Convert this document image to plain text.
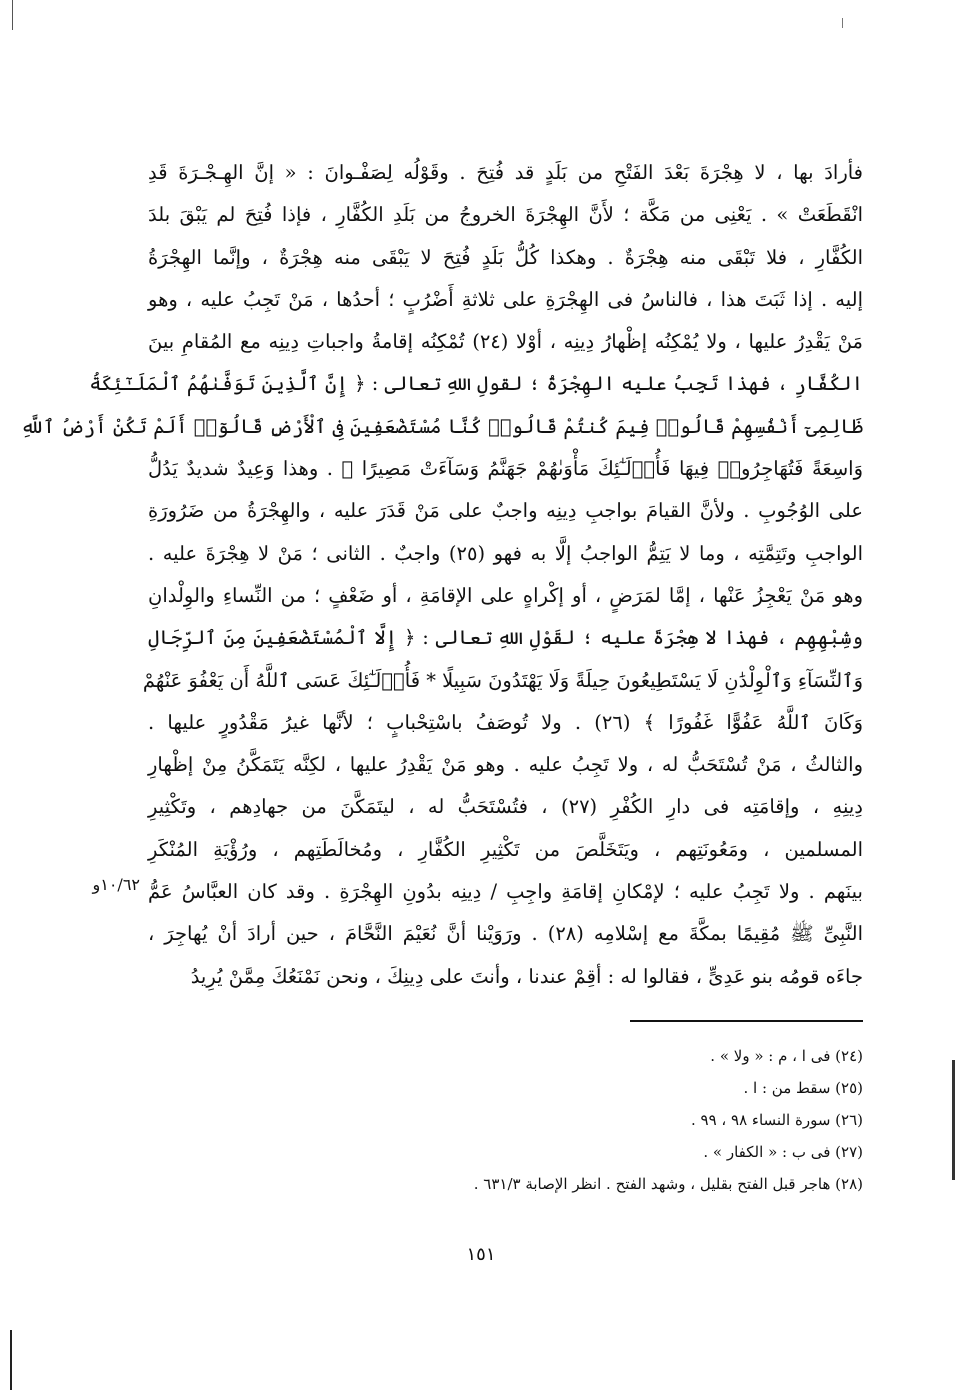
فأرادَ بها ، لا هِجْرَةَ بَعْدَ الفَتْحِ من بَلَدٍ قد فُتِحَ . وقَوْلُه لِصَفْـوانَ : « إنَّ الهِـجْـرَةَ قَدِ
انْقَطَعَتْ » . يَعْنِى من مَكَّة ؛ لأَنَّ الهِجْرَةَ الخروجُ من بَلَدِ الكُفَّارِ ، فإذا فُتِحَ لم يَبْقَ بلدَ
الكُفَّارِ ، فلا تَبْقَى منه هِجْرَةٌ . وهكذا كُلُّ بَلَدٍ فُتِحَ لا يَبْقَى منه هِجْرَةٌ ، وإنَّما الهِجْرَةُ
إليه . إذا ثَبَتَ هذا ، فالناسُ فى الهِجْرَةِ على ثلاثةِ أَضْرُبٍ ؛ أحدُها ، مَنْ تَجِبُ عليه ، وهو
مَنْ يَقْدِرُ عليها ، ولا يُمْكِنُه إظْهارُ دِينِه ، أوْلا (٢٤) تُمْكِنُه إقامةُ واجباتِ دِينِه مع المُقامِ بينَ
الكُفَّارِ ، فهذا تَجِبُ عليه الهِجْرَةُ ؛ لقولِ اللهِ تعالى : ﴿ إِنَّ ٱلَّذِينَ تَوَفَّىٰهُمُ ٱلْمَلَـٰٓئِكَةُ
ظَالِمِىٓ أَنْفُسِهِمْ قَالُوا۟ فِيمَ كُنتُمْ قَالُوا۟ كُنَّا مُسْتَضْعَفِينَ فِى ٱلْأَرْضِ قَالُوٓا۟ أَلَمْ تَكُنْ أَرْضُ ٱللَّهِ
وَاسِعَةً فَتُهَاجِرُوا۟ فِيهَا فَأُو۟لَـٰٓئِكَ مَأْوَىٰهُمْ جَهَنَّمُ وَسَآءَتْ مَصِيرًا ﴾ . وهذا وَعِيدٌ شديدٌ يَدُلُّ
على الوُجُوبِ . ولأنَّ القيامَ بواجبِ دِينِه واجبٌ على مَنْ قَدَرَ عليه ، والهِجْرَةُ من ضَرُورَةِ
الواجبِ وتَتِمَّتِه ، وما لا يَتِمُّ الواجبُ إلَّا به فهو (٢٥) واجبٌ . الثانى ؛ مَنْ لا هِجْرَةَ عليه .
وهو مَنْ يَعْجِزُ عَنْها ، إمَّا لمَرَضٍ ، أو إكْراهٍ على الإقامَةِ ، أو ضَعْفٍ ؛ من النِّساءِ والوِلْدانِ
وشِبْهِهِم ، فهذا لا هِجْرَةَ عليه ؛ لقَوْلِ اللهِ تعالى : ﴿ إِلَّا ٱلْمُسْتَضْعَفِينَ مِنَ ٱلرِّجَالِ
وَٱلنِّسَآءِ وَٱلْوِلْدَٰنِ لَا يَسْتَطِيعُونَ حِيلَةً وَلَا يَهْتَدُونَ سَبِيلًا * فَأُو۟لَـٰٓئِكَ عَسَى ٱللَّهُ أَن يَعْفُوَ عَنْهُمْ
وَكَانَ ٱللَّهُ عَفُوًّا غَفُورًا ﴾ (٢٦) . ولا تُوصَفُ باسْتِحْبابٍ ؛ لأنَّها غيرُ مَقْدُورٍ عليها .
والثالثُ ، مَنْ تُسْتَحَبُّ له ، ولا تَجِبُ عليه . وهو مَنْ يَقْدِرُ عليها ، لكِنَّه يَتَمَكَّنُ مِنْ إظْهارِ
دِينِهِ ، وإقامَتِه فى دارِ الكُفْرِ (٢٧) ، فتُسْتَحَبُّ له ، ليتَمَكَّنَ من جهادِهم ، وتَكْثِيرِ
المسلمين ، ومَعُونَتِهم ، ويَتَخَلَّصَ من تَكْثِيرِ الكُفَّارِ ، ومُخالَطَتِهم ، ورُؤْيَةِ المُنْكَرِ
بينَهم . ولا تَجِبُ عليه ؛ لإمْكانِ إقامَةِ واجِبِ / دِينِه بدُونِ الهِجْرَةِ . وقد كان العبَّاسُ عَمُّ
النَّبِىِّ ﷺ مُقِيمًا بمكَّةَ مع إسْلامِه (٢٨) . ورَوَيْنا أنَّ نُعَيْمَ النَّحَّامَ ، حين أرادَ أنْ يُهاجِرَ ،
جاءَه قومُه بنو عَدِىٍّ ، فقالوا له : أقِمْ عندنا ، وأنتَ على دِينِكَ ، ونحن نَمْنَعُكَ مِمَّنْ يُرِيدُ
١٠/٦٢و
(٢٤) فى ا ، م : « ولا » .
(٢٥) سقط من : ا .
(٢٦) سورة النساء ٩٨ ، ٩٩ .
(٢٧) فى ب : « الكفار » .
(٢٨) هاجر قبل الفتح بقليل ، وشهد الفتح . انظر الإصابة ٦٣١/٣ .
١٥١
